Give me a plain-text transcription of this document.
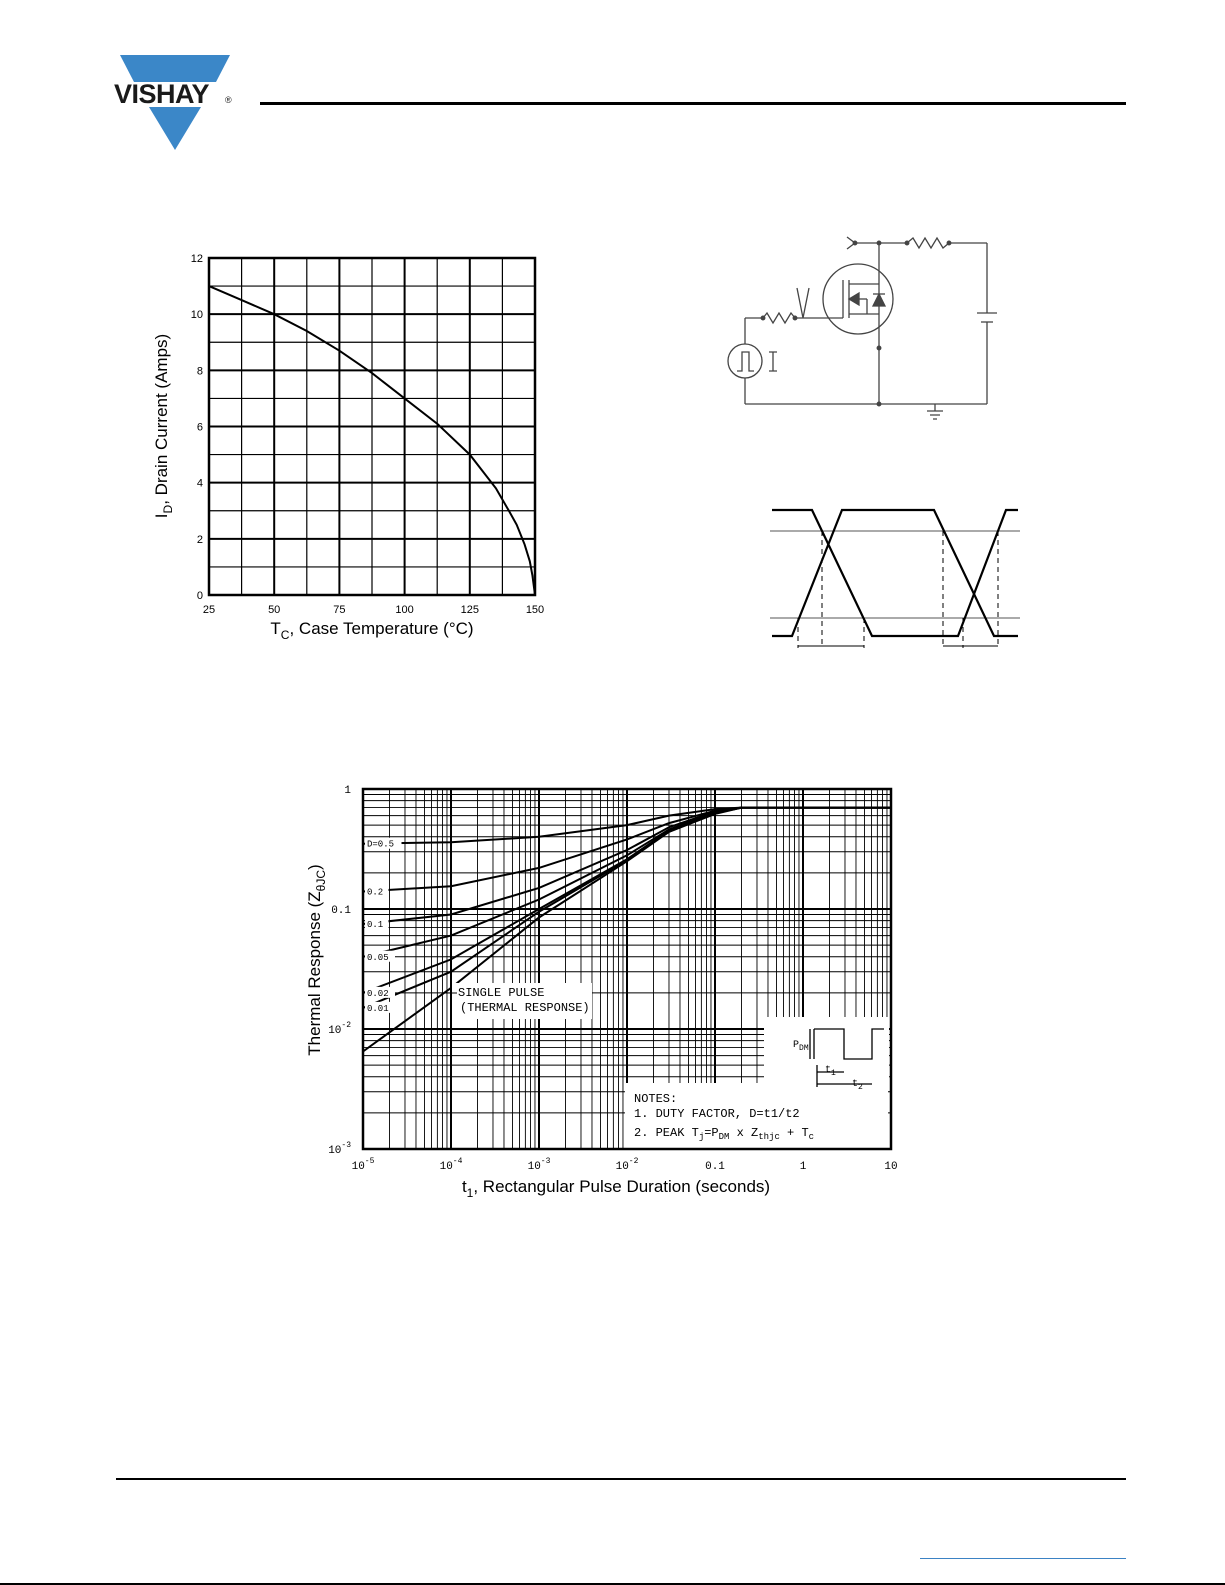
VISHAY ®
25	50	75	100	125	150
0
2
4
6
8
10
12
$T_C$, Case Temperature (°C)
$I_D$, Drain Current (Amps)
D=0.5
0.2
0.1
0.05
0.02
0.01
SINGLE PULSE
(THERMAL RESPONSE)
NOTES:
1. DUTY FACTOR, D=t1/t2
2. PEAK $T_j=P_{DM}$ x $Z_{thjc} + T_c$
$P_{DM}$
$t_1$
$t_2$
$10^{-5}$	$10^{-4}$	$10^{-3}$	$10^{-2}$	0.1	1	10
$10^{-3}$
$10^{-2}$
0.1
1
$t_1$, Rectangular Pulse Duration (seconds)
Thermal Response $(Z_{\theta JC})$
